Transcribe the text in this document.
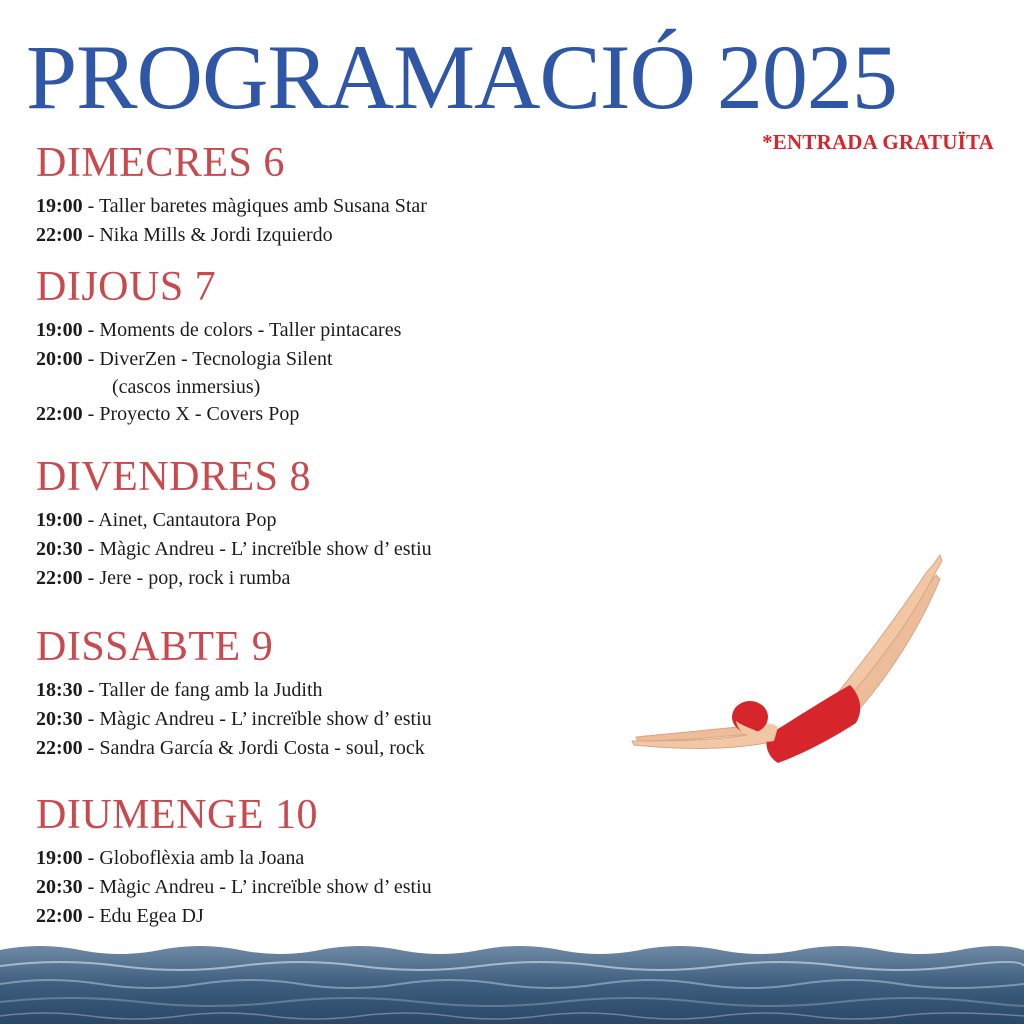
PROGRAMACIÓ 2025
*ENTRADA GRATUÏTA
DIMECRES 6
19:00 - Taller baretes màgiques amb Susana Star
22:00 - Nika Mills & Jordi Izquierdo
DIJOUS 7
19:00 - Moments de colors - Taller pintacares
20:00 - DiverZen - Tecnologia Silent
(cascos inmersius)
22:00 - Proyecto X - Covers Pop
DIVENDRES 8
19:00 - Ainet, Cantautora Pop
20:30 - Màgic Andreu - L’ increïble show d’ estiu
22:00 - Jere - pop, rock i rumba
DISSABTE 9
18:30 - Taller de fang amb la Judith
20:30 - Màgic Andreu - L’ increïble show d’ estiu
22:00 - Sandra García & Jordi Costa - soul, rock
DIUMENGE 10
19:00 - Globoflèxia amb la Joana
20:30 - Màgic Andreu - L’ increïble show d’ estiu
22:00 - Edu Egea DJ
